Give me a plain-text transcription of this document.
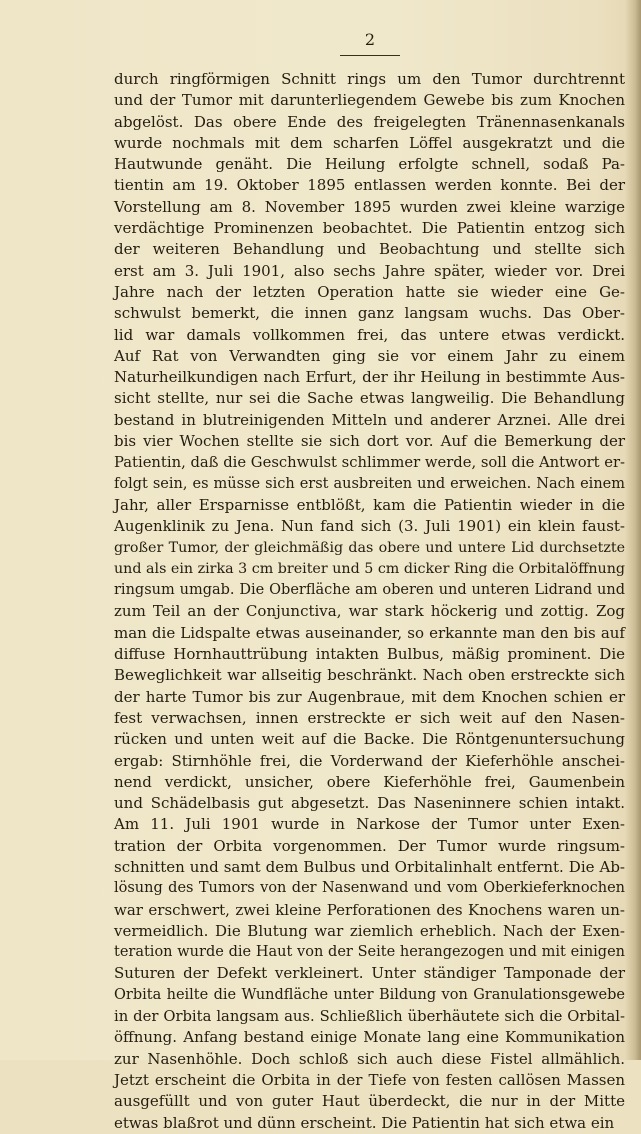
2
durch ringförmigen Schnitt rings um den Tumor durchtrennt
und der Tumor mit darunterliegendem Gewebe bis zum Knochen
abgelöst. Das obere Ende des freigelegten Tränennasenkanals
wurde nochmals mit dem scharfen Löffel ausgekratzt und die
Hautwunde genäht. Die Heilung erfolgte schnell, sodaß Pa-
tientin am 19. Oktober 1895 entlassen werden konnte. Bei der
Vorstellung am 8. November 1895 wurden zwei kleine warzige
verdächtige Prominenzen beobachtet. Die Patientin entzog sich
der weiteren Behandlung und Beobachtung und stellte sich
erst am 3. Juli 1901, also sechs Jahre später, wieder vor. Drei
Jahre nach der letzten Operation hatte sie wieder eine Ge-
schwulst bemerkt, die innen ganz langsam wuchs. Das Ober-
lid war damals vollkommen frei, das untere etwas verdickt.
Auf Rat von Verwandten ging sie vor einem Jahr zu einem
Naturheilkundigen nach Erfurt, der ihr Heilung in bestimmte Aus-
sicht stellte, nur sei die Sache etwas langweilig. Die Behandlung
bestand in blutreinigenden Mitteln und anderer Arznei. Alle drei
bis vier Wochen stellte sie sich dort vor. Auf die Bemerkung der
Patientin, daß die Geschwulst schlimmer werde, soll die Antwort er-
folgt sein, es müsse sich erst ausbreiten und erweichen. Nach einem
Jahr, aller Ersparnisse entblößt, kam die Patientin wieder in die
Augenklinik zu Jena. Nun fand sich (3. Juli 1901) ein klein faust-
großer Tumor, der gleichmäßig das obere und untere Lid durchsetzte
und als ein zirka 3 cm breiter und 5 cm dicker Ring die Orbitalöffnung
ringsum umgab. Die Oberfläche am oberen und unteren Lidrand und
zum Teil an der Conjunctiva, war stark höckerig und zottig. Zog
man die Lidspalte etwas auseinander, so erkannte man den bis auf
diffuse Hornhauttrübung intakten Bulbus, mäßig prominent. Die
Beweglichkeit war allseitig beschränkt. Nach oben erstreckte sich
der harte Tumor bis zur Augenbraue, mit dem Knochen schien er
fest verwachsen, innen erstreckte er sich weit auf den Nasen-
rücken und unten weit auf die Backe. Die Röntgenuntersuchung
ergab: Stirnhöhle frei, die Vorderwand der Kieferhöhle anschei-
nend verdickt, unsicher, obere Kieferhöhle frei, Gaumenbein
und Schädelbasis gut abgesetzt. Das Naseninnere schien intakt.
Am 11. Juli 1901 wurde in Narkose der Tumor unter Exen-
tration der Orbita vorgenommen. Der Tumor wurde ringsum-
schnitten und samt dem Bulbus und Orbitalinhalt entfernt. Die Ab-
lösung des Tumors von der Nasenwand und vom Oberkieferknochen
war erschwert, zwei kleine Perforationen des Knochens waren un-
vermeidlich. Die Blutung war ziemlich erheblich. Nach der Exen-
teration wurde die Haut von der Seite herangezogen und mit einigen
Suturen der Defekt verkleinert. Unter ständiger Tamponade der
Orbita heilte die Wundfläche unter Bildung von Granulationsgewebe
in der Orbita langsam aus. Schließlich überhäutete sich die Orbital-
öffnung. Anfang bestand einige Monate lang eine Kommunikation
zur Nasenhöhle. Doch schloß sich auch diese Fistel allmählich.
Jetzt erscheint die Orbita in der Tiefe von festen callösen Massen
ausgefüllt und von guter Haut überdeckt, die nur in der Mitte
etwas blaßrot und dünn erscheint. Die Patientin hat sich etwa ein
